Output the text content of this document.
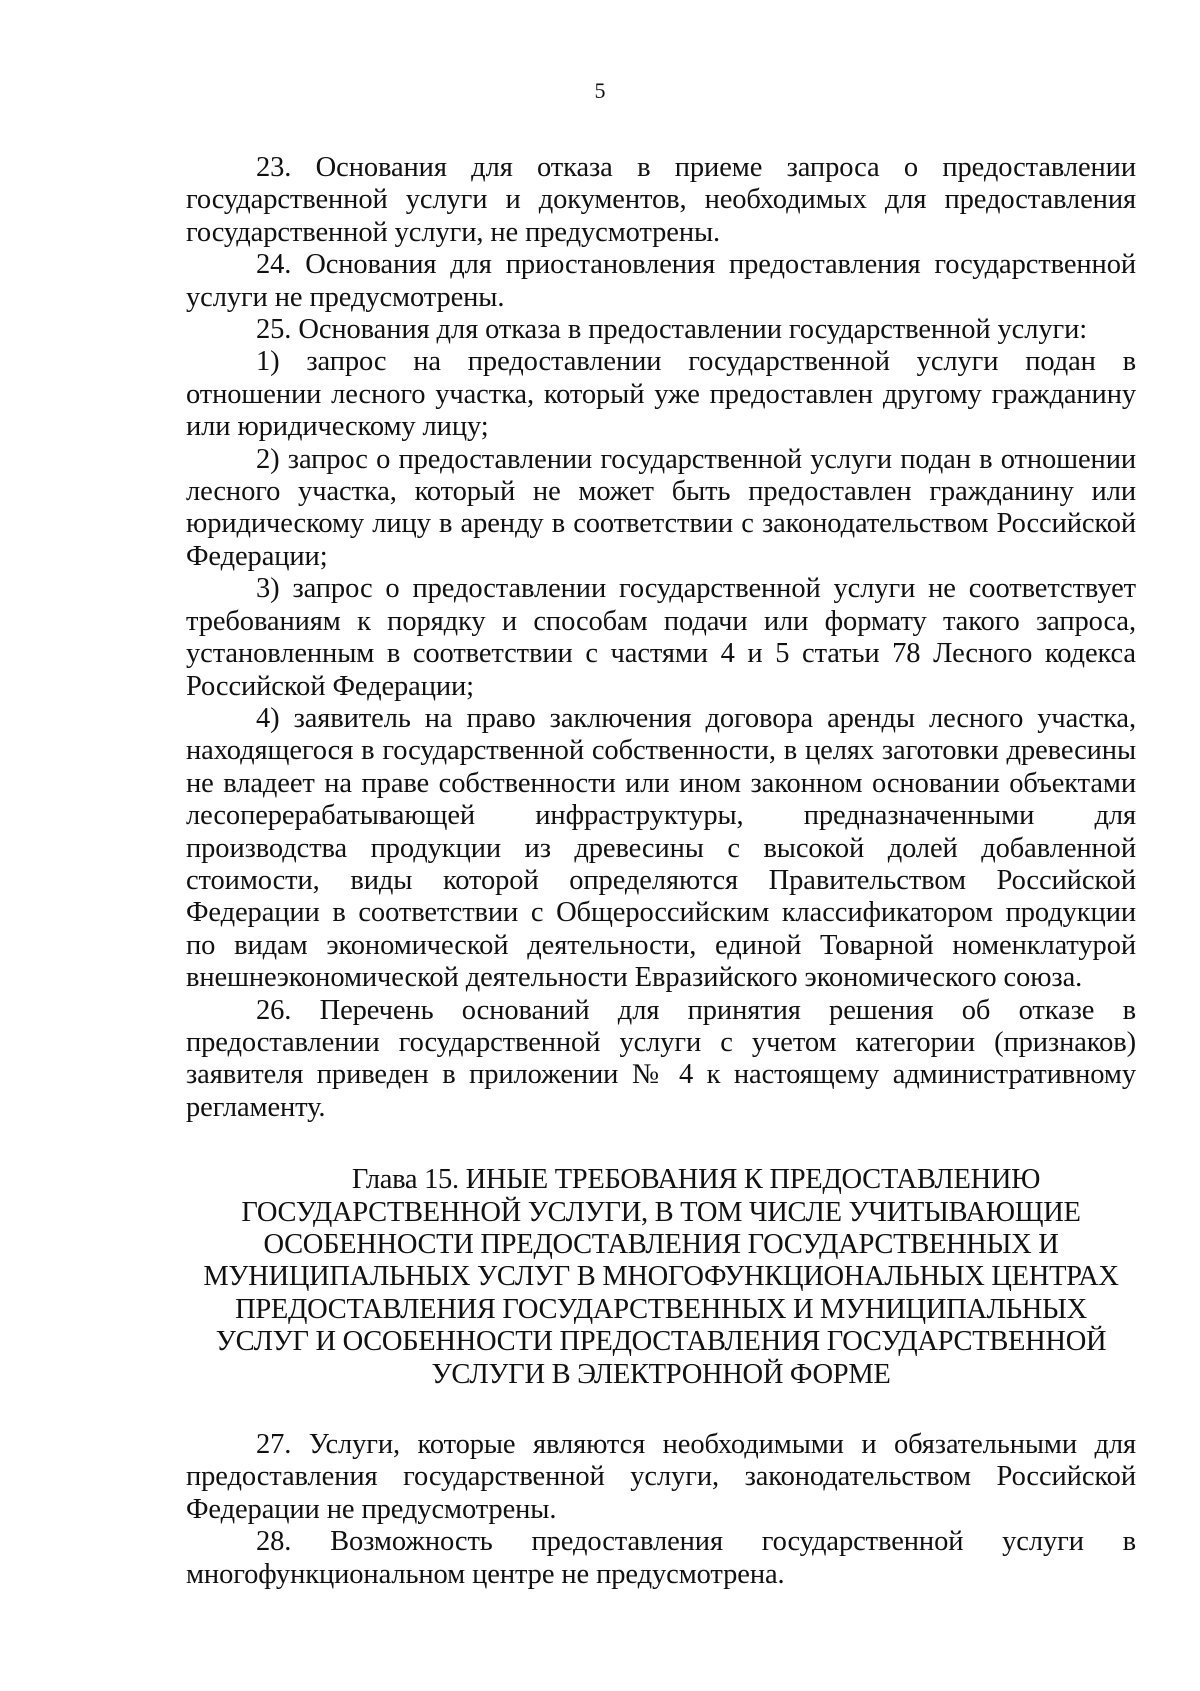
5

23. Основания для отказа в приеме запроса о предоставлении государственной услуги и документов, необходимых для предоставления государственной услуги, не предусмотрены.

24. Основания для приостановления предоставления государственной услуги не предусмотрены.

25. Основания для отказа в предоставлении государственной услуги:

1) запрос на предоставлении государственной услуги подан в отношении лесного участка, который уже предоставлен другому гражданину или юридическому лицу;

2) запрос о предоставлении государственной услуги подан в отношении лесного участка, который не может быть предоставлен гражданину или юридическому лицу в аренду в соответствии с законодательством Российской Федерации;

3) запрос о предоставлении государственной услуги не соответствует требованиям к порядку и способам подачи или формату такого запроса, установленным в соответствии с частями 4 и 5 статьи 78 Лесного кодекса Российской Федерации;

4) заявитель на право заключения договора аренды лесного участка, находящегося в государственной собственности, в целях заготовки древесины не владеет на праве собственности или ином законном основании объектами лесоперерабатывающей инфраструктуры, предназначенными для производства продукции из древесины с высокой долей добавленной стоимости, виды которой определяются Правительством Российской Федерации в соответствии с Общероссийским классификатором продукции по видам экономической деятельности, единой Товарной номенклатурой внешнеэкономической деятельности Евразийского экономического союза.

26. Перечень оснований для принятия решения об отказе в предоставлении государственной услуги с учетом категории (признаков) заявителя приведен в приложении № 4 к настоящему административному регламенту.

Глава 15. ИНЫЕ ТРЕБОВАНИЯ К ПРЕДОСТАВЛЕНИЮ
ГОСУДАРСТВЕННОЙ УСЛУГИ, В ТОМ ЧИСЛЕ УЧИТЫВАЮЩИЕ
ОСОБЕННОСТИ ПРЕДОСТАВЛЕНИЯ ГОСУДАРСТВЕННЫХ И
МУНИЦИПАЛЬНЫХ УСЛУГ В МНОГОФУНКЦИОНАЛЬНЫХ ЦЕНТРАХ
ПРЕДОСТАВЛЕНИЯ ГОСУДАРСТВЕННЫХ И МУНИЦИПАЛЬНЫХ
УСЛУГ И ОСОБЕННОСТИ ПРЕДОСТАВЛЕНИЯ ГОСУДАРСТВЕННОЙ
УСЛУГИ В ЭЛЕКТРОННОЙ ФОРМЕ

27. Услуги, которые являются необходимыми и обязательными для предоставления государственной услуги, законодательством Российской Федерации не предусмотрены.

28. Возможность предоставления государственной услуги в многофункциональном центре не предусмотрена.
